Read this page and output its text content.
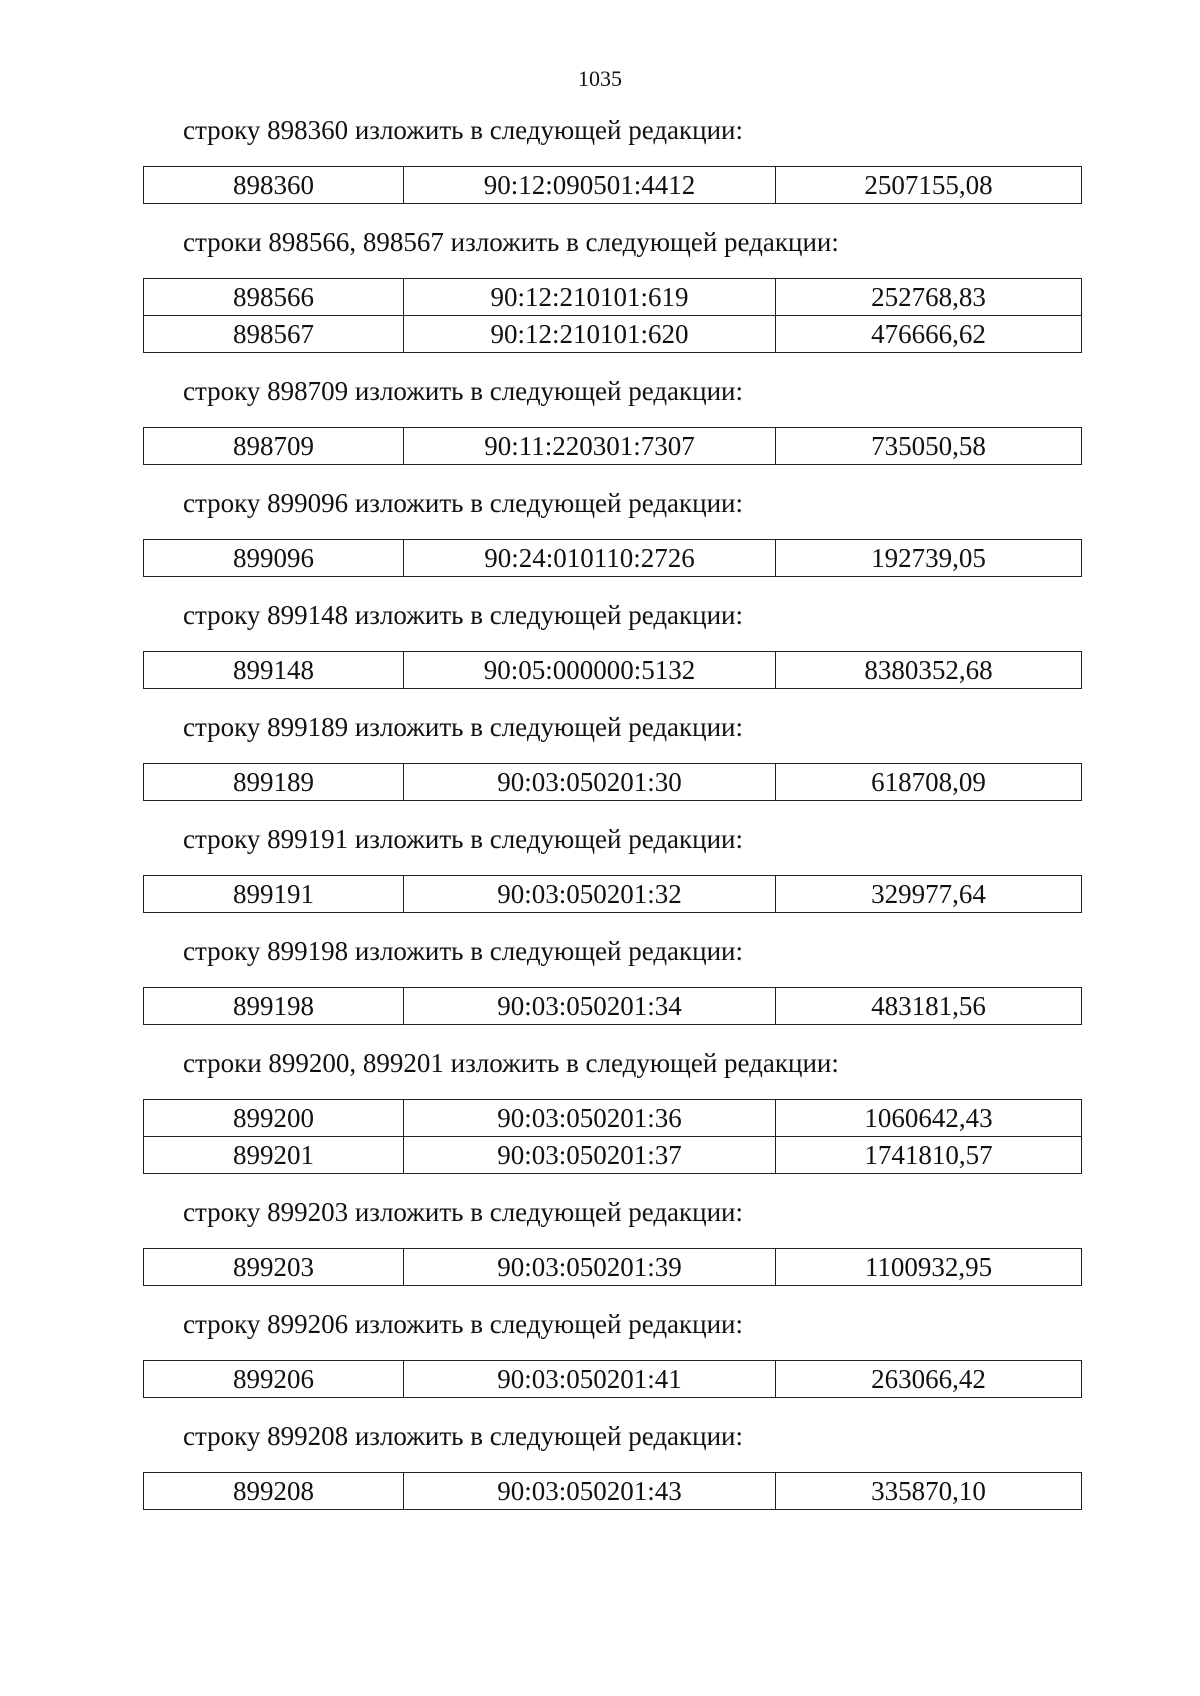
1035
строку 898360 изложить в следующей редакции:
898360	90:12:090501:4412	2507155,08
строки 898566, 898567 изложить в следующей редакции:
898566	90:12:210101:619	252768,83
898567	90:12:210101:620	476666,62
строку 898709 изложить в следующей редакции:
898709	90:11:220301:7307	735050,58
строку 899096 изложить в следующей редакции:
899096	90:24:010110:2726	192739,05
строку 899148 изложить в следующей редакции:
899148	90:05:000000:5132	8380352,68
строку 899189 изложить в следующей редакции:
899189	90:03:050201:30	618708,09
строку 899191 изложить в следующей редакции:
899191	90:03:050201:32	329977,64
строку 899198 изложить в следующей редакции:
899198	90:03:050201:34	483181,56
строки 899200, 899201 изложить в следующей редакции:
899200	90:03:050201:36	1060642,43
899201	90:03:050201:37	1741810,57
строку 899203 изложить в следующей редакции:
899203	90:03:050201:39	1100932,95
строку 899206 изложить в следующей редакции:
899206	90:03:050201:41	263066,42
строку 899208 изложить в следующей редакции:
899208	90:03:050201:43	335870,10
